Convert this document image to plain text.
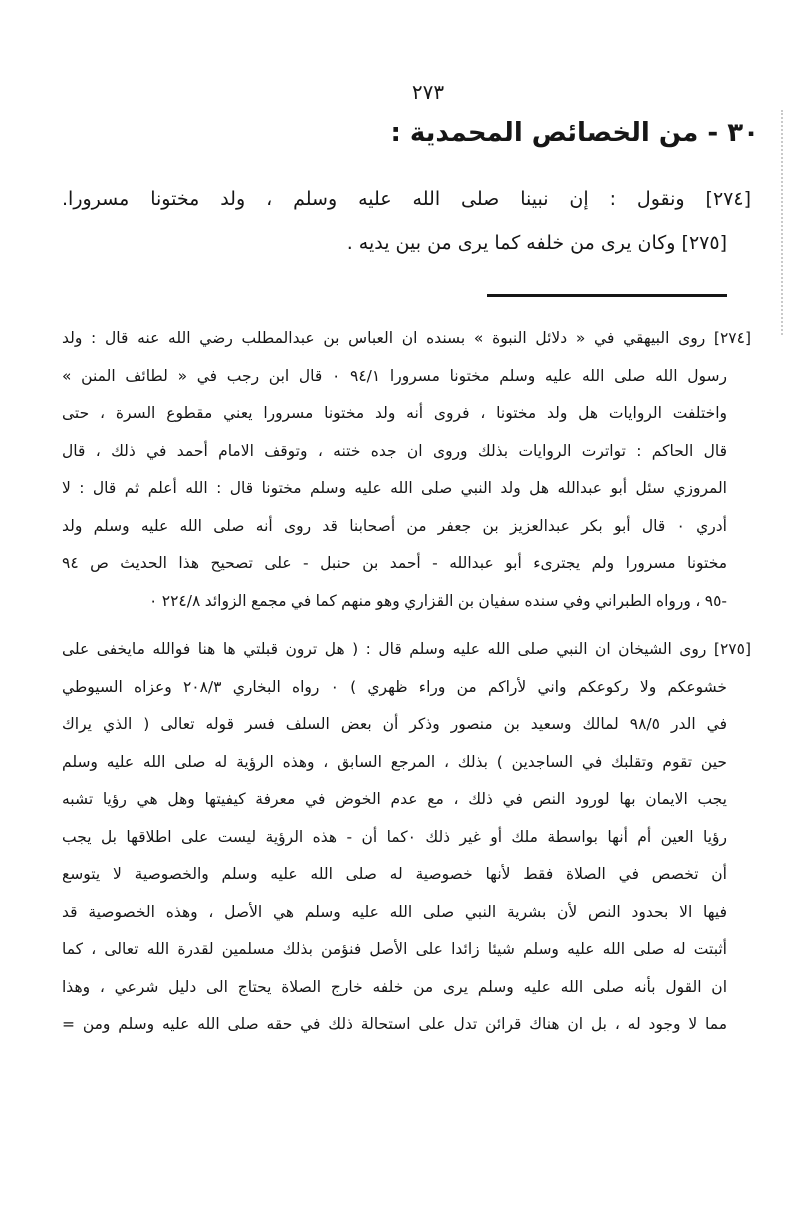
٢٧٣
٣٠ - من الخصائص المحمدية :

[٢٧٤] ونقول : إن نبينا صلى الله عليه وسلم ، ولد مختونا مسرورا.

[٢٧٥] وكان يرى من خلفه كما يرى من بين يديه .

[٢٧٤] روى البيهقي في « دلائل النبوة » بسنده ان العباس بن عبدالمطلب رضي الله عنه قال : ولد
رسول الله صلى الله عليه وسلم مختونا مسرورا ٩٤/١ ٠ قال ابن رجب في « لطائف المنن »
واختلفت الروايات هل ولد مختونا ، فروى أنه ولد مختونا مسرورا يعني مقطوع السرة ، حتى
قال الحاكم : تواترت الروايات بذلك وروى ان جده ختنه ، وتوقف الامام أحمد في ذلك ، قال
المروزي سئل أبو عبدالله هل ولد النبي صلى الله عليه وسلم مختونا قال : الله أعلم ثم قال : لا
أدري ٠ قال أبو بكر عبدالعزيز بن جعفر من أصحابنا قد روى أنه صلى الله عليه وسلم ولد
مختونا مسرورا ولم يجترىء أبو عبدالله - أحمد بن حنبل - على تصحيح هذا الحديث ص ٩٤
-٩٥ ، ورواه الطبراني وفي سنده سفيان بن القزاري وهو منهم كما في مجمع الزوائد ٢٢٤/٨ ٠
[٢٧٥] روى الشيخان ان النبي صلى الله عليه وسلم قال : ( هل ترون قبلتي ها هنا فوالله مايخفى على
خشوعكم ولا ركوعكم واني لأراكم من وراء ظهري ) ٠ رواه البخاري ٢٠٨/٣ وعزاه السيوطي
في الدر ٩٨/٥ لمالك وسعيد بن منصور وذكر أن بعض السلف فسر قوله تعالى ( الذي يراك
حين تقوم وتقلبك في الساجدين ) بذلك ، المرجع السابق ، وهذه الرؤية له صلى الله عليه وسلم
يجب الايمان بها لورود النص في ذلك ، مع عدم الخوض في معرفة كيفيتها وهل هي رؤيا تشبه
رؤيا العين أم أنها بواسطة ملك أو غير ذلك ٠كما أن - هذه الرؤية ليست على اطلاقها بل يجب
أن تخصص في الصلاة فقط لأنها خصوصية له صلى الله عليه وسلم والخصوصية لا يتوسع
فيها الا بحدود النص لأن بشرية النبي صلى الله عليه وسلم هي الأصل ، وهذه الخصوصية قد
أثبتت له صلى الله عليه وسلم شيئا زائدا على الأصل فنؤمن بذلك مسلمين لقدرة الله تعالى ، كما
ان القول بأنه صلى الله عليه وسلم يرى من خلفه خارج الصلاة يحتاج الى دليل شرعي ، وهذا
مما لا وجود له ، بل ان هناك قرائن تدل على استحالة ذلك في حقه صلى الله عليه وسلم ومن =
